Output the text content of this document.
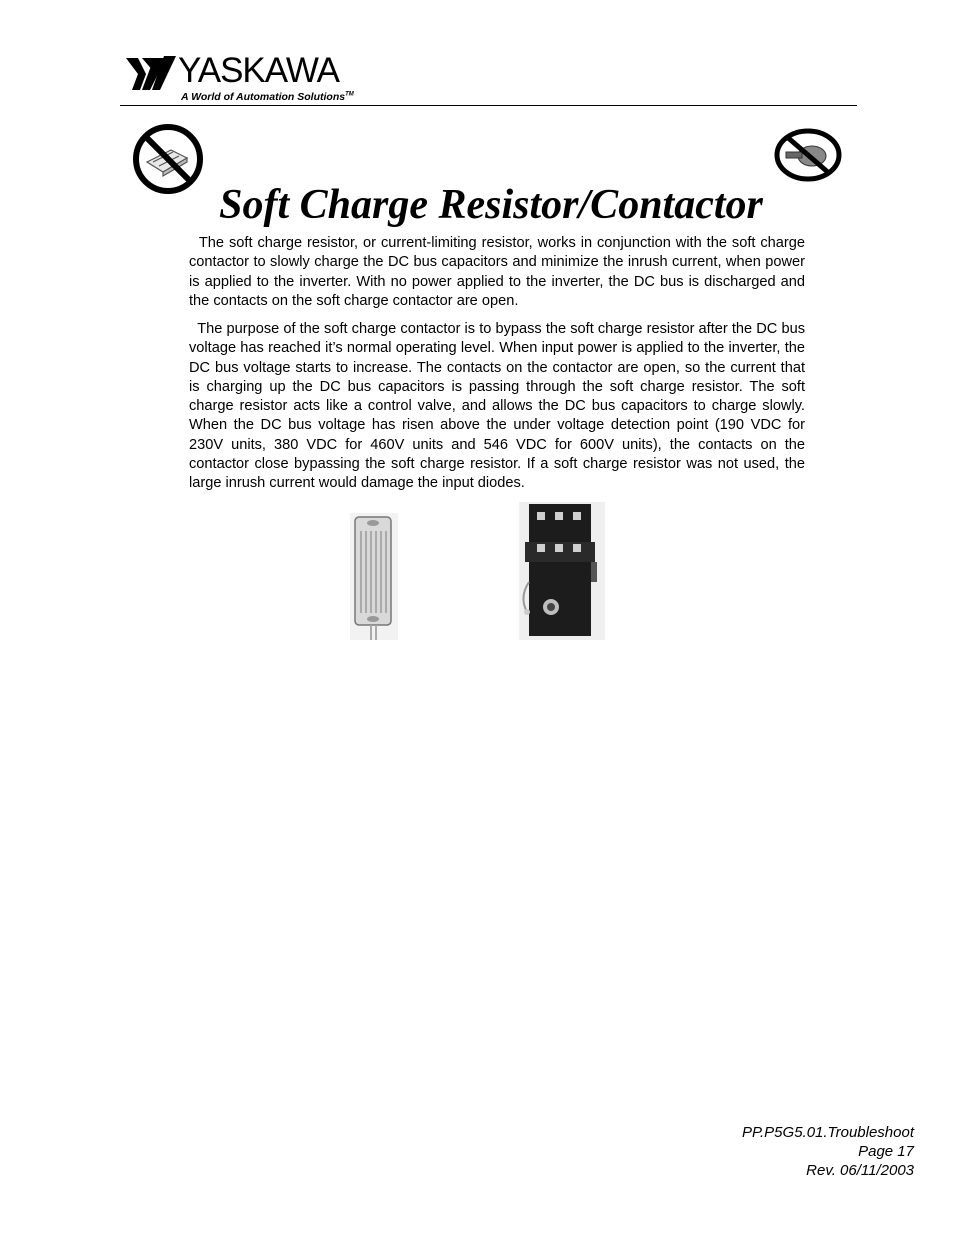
YASKAWA
A World of Automation Solutions™
Soft Charge Resistor/Contactor

The soft charge resistor, or current-limiting resistor, works in conjunction with the soft charge contactor to slowly charge the DC bus capacitors and minimize the inrush current, when power is applied to the inverter. With no power applied to the inverter, the DC bus is discharged and the contacts on the soft charge contactor are open.

The purpose of the soft charge contactor is to bypass the soft charge resistor after the DC bus voltage has reached it’s normal operating level. When input power is applied to the inverter, the DC bus voltage starts to increase. The contacts on the contactor are open, so the current that is charging up the DC bus capacitors is passing through the soft charge resistor. The soft charge resistor acts like a control valve, and allows the DC bus capacitors to charge slowly. When the DC bus voltage has risen above the under voltage detection point (190 VDC for 230V units, 380 VDC for 460V units and 546 VDC for 600V units), the contacts on the contactor close bypassing the soft charge resistor. If a soft charge resistor was not used, the large inrush current would damage the input diodes.

PP.P5G5.01.Troubleshoot
Page 17
Rev. 06/11/2003
